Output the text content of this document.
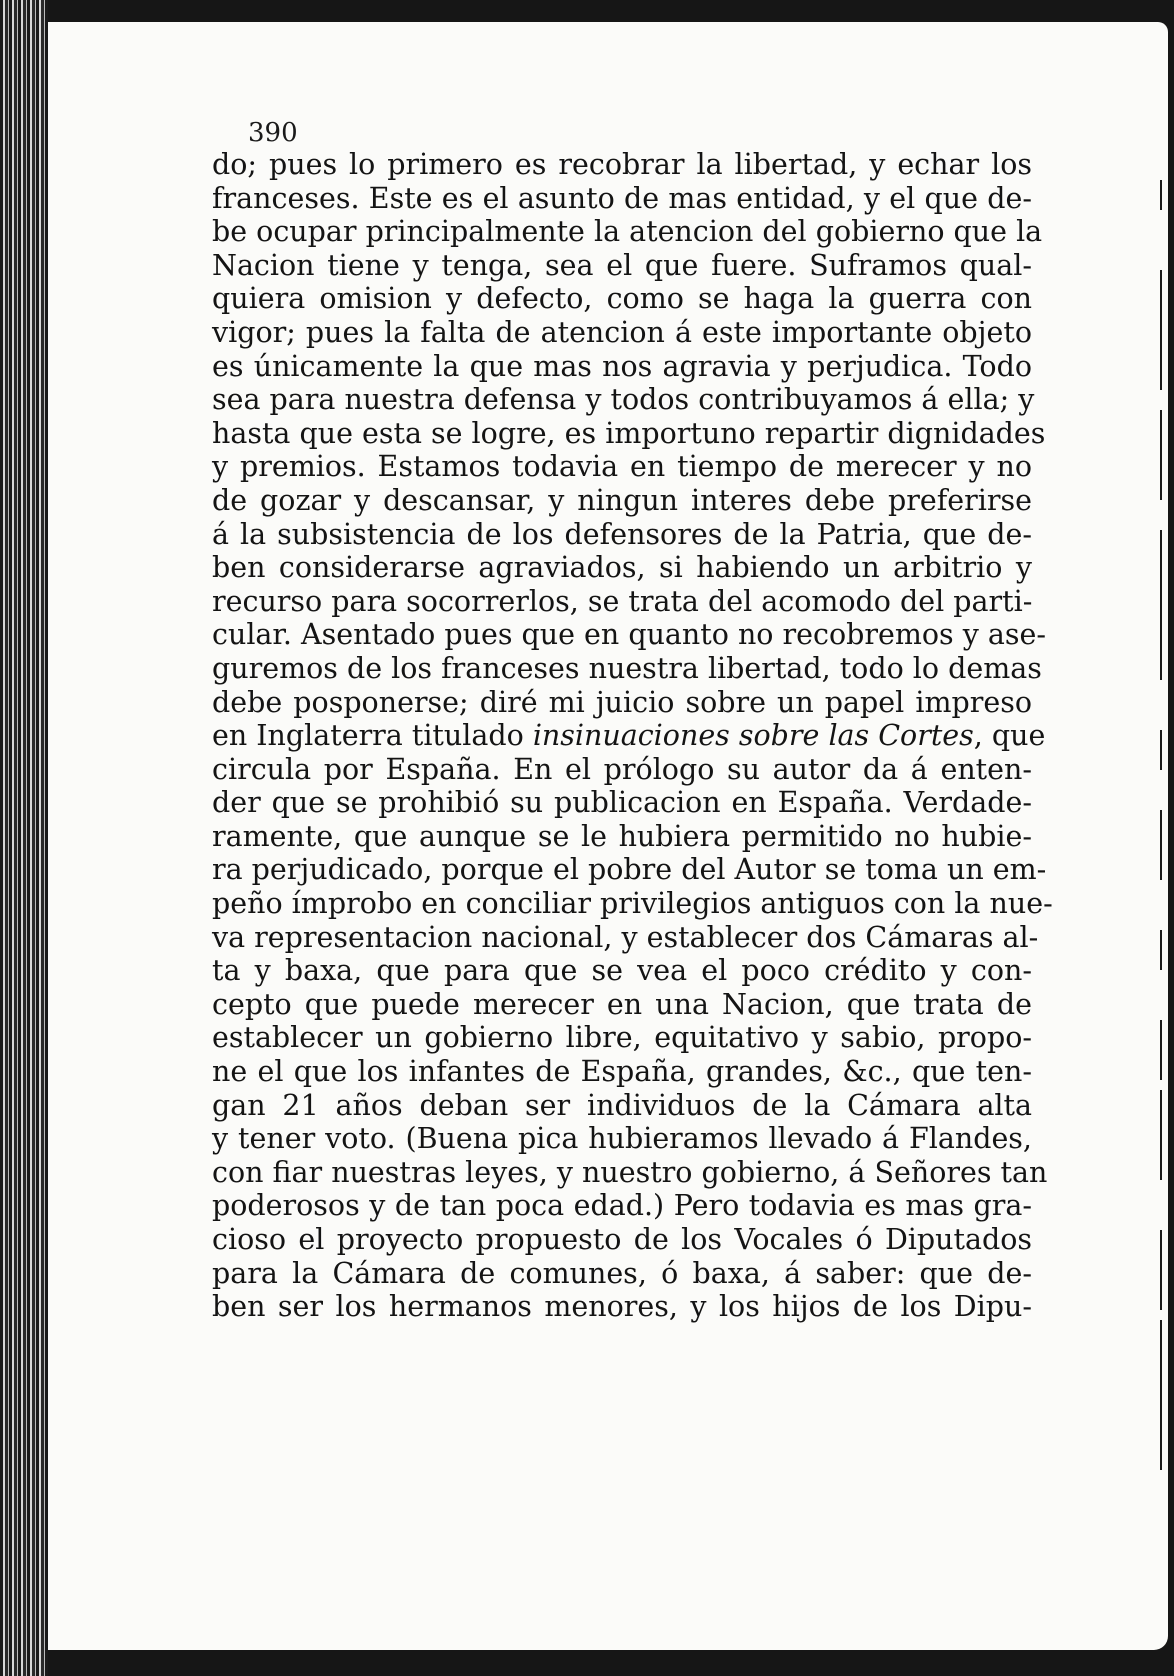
390
do; pues lo primero es recobrar la libertad, y echar los
franceses. Este es el asunto de mas entidad, y el que de-
be ocupar principalmente la atencion del gobierno que la
Nacion tiene y tenga, sea el que fuere. Suframos qual-
quiera omision y defecto, como se haga la guerra con
vigor; pues la falta de atencion á este importante objeto
es únicamente la que mas nos agravia y perjudica. Todo
sea para nuestra defensa y todos contribuyamos á ella; y
hasta que esta se logre, es importuno repartir dignidades
y premios. Estamos todavia en tiempo de merecer y no
de gozar y descansar, y ningun interes debe preferirse
á la subsistencia de los defensores de la Patria, que de-
ben considerarse agraviados, si habiendo un arbitrio y
recurso para socorrerlos, se trata del acomodo del parti-
cular. Asentado pues que en quanto no recobremos y ase-
guremos de los franceses nuestra libertad, todo lo demas
debe posponerse; diré mi juicio sobre un papel impreso
en Inglaterra titulado insinuaciones sobre las Cortes, que
circula por España. En el prólogo su autor da á enten-
der que se prohibió su publicacion en España. Verdade-
ramente, que aunque se le hubiera permitido no hubie-
ra perjudicado, porque el pobre del Autor se toma un em-
peño ímprobo en conciliar privilegios antiguos con la nue-
va representacion nacional, y establecer dos Cámaras al-
ta y baxa, que para que se vea el poco crédito y con-
cepto que puede merecer en una Nacion, que trata de
establecer un gobierno libre, equitativo y sabio, propo-
ne el que los infantes de España, grandes, &c., que ten-
gan 21 años deban ser individuos de la Cámara alta
y tener voto. (Buena pica hubieramos llevado á Flandes,
con fiar nuestras leyes, y nuestro gobierno, á Señores tan
poderosos y de tan poca edad.) Pero todavia es mas gra-
cioso el proyecto propuesto de los Vocales ó Diputados
para la Cámara de comunes, ó baxa, á saber: que de-
ben ser los hermanos menores, y los hijos de los Dipu-
